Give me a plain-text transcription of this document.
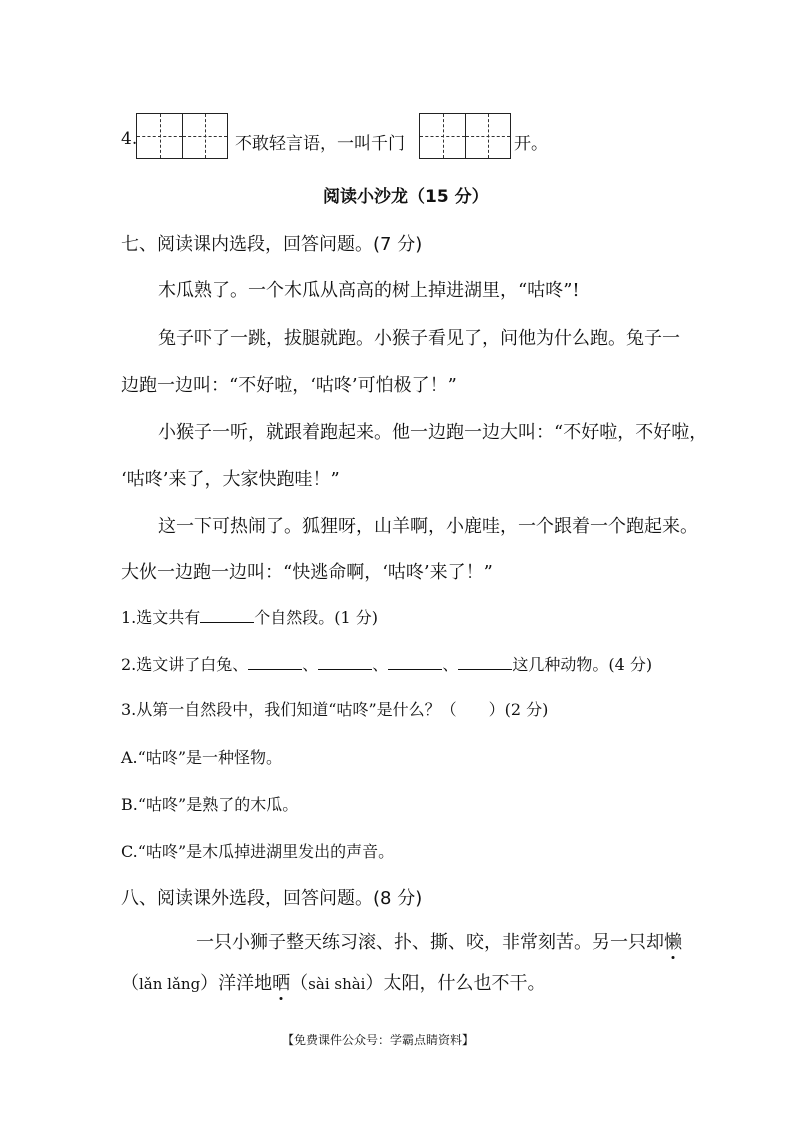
4.	不敢轻言语，一叫千门	开。
阅读小沙龙（15 分）
七、阅读课内选段，回答问题。(7 分)
木瓜熟了。一个木瓜从高高的树上掉进湖里，“咕咚”!
兔子吓了一跳，拔腿就跑。小猴子看见了，问他为什么跑。兔子一
边跑一边叫：“不好啦，‘咕咚’可怕极了！”
小猴子一听，就跟着跑起来。他一边跑一边大叫：“不好啦，不好啦，
‘咕咚’来了，大家快跑哇！”
这一下可热闹了。狐狸呀，山羊啊，小鹿哇，一个跟着一个跑起来。
大伙一边跑一边叫：“快逃命啊，‘咕咚’来了！”
1.选文共有	个自然段。(1 分)
2.选文讲了白兔、	、	、	、	这几种动物。(4 分)
3.从第一自然段中，我们知道“咕咚”是什么？（　　）(2 分)
A.“咕咚”是一种怪物。
B.“咕咚”是熟了的木瓜。
C.“咕咚”是木瓜掉进湖里发出的声音。
八、阅读课外选段，回答问题。(8 分)
一只小狮子整天练习滚、扑、撕、咬，非常刻苦。另一只却懒
（lǎn lǎng）洋洋地晒（sài shài）太阳，什么也不干。
【免费课件公众号：学霸点睛资料】
